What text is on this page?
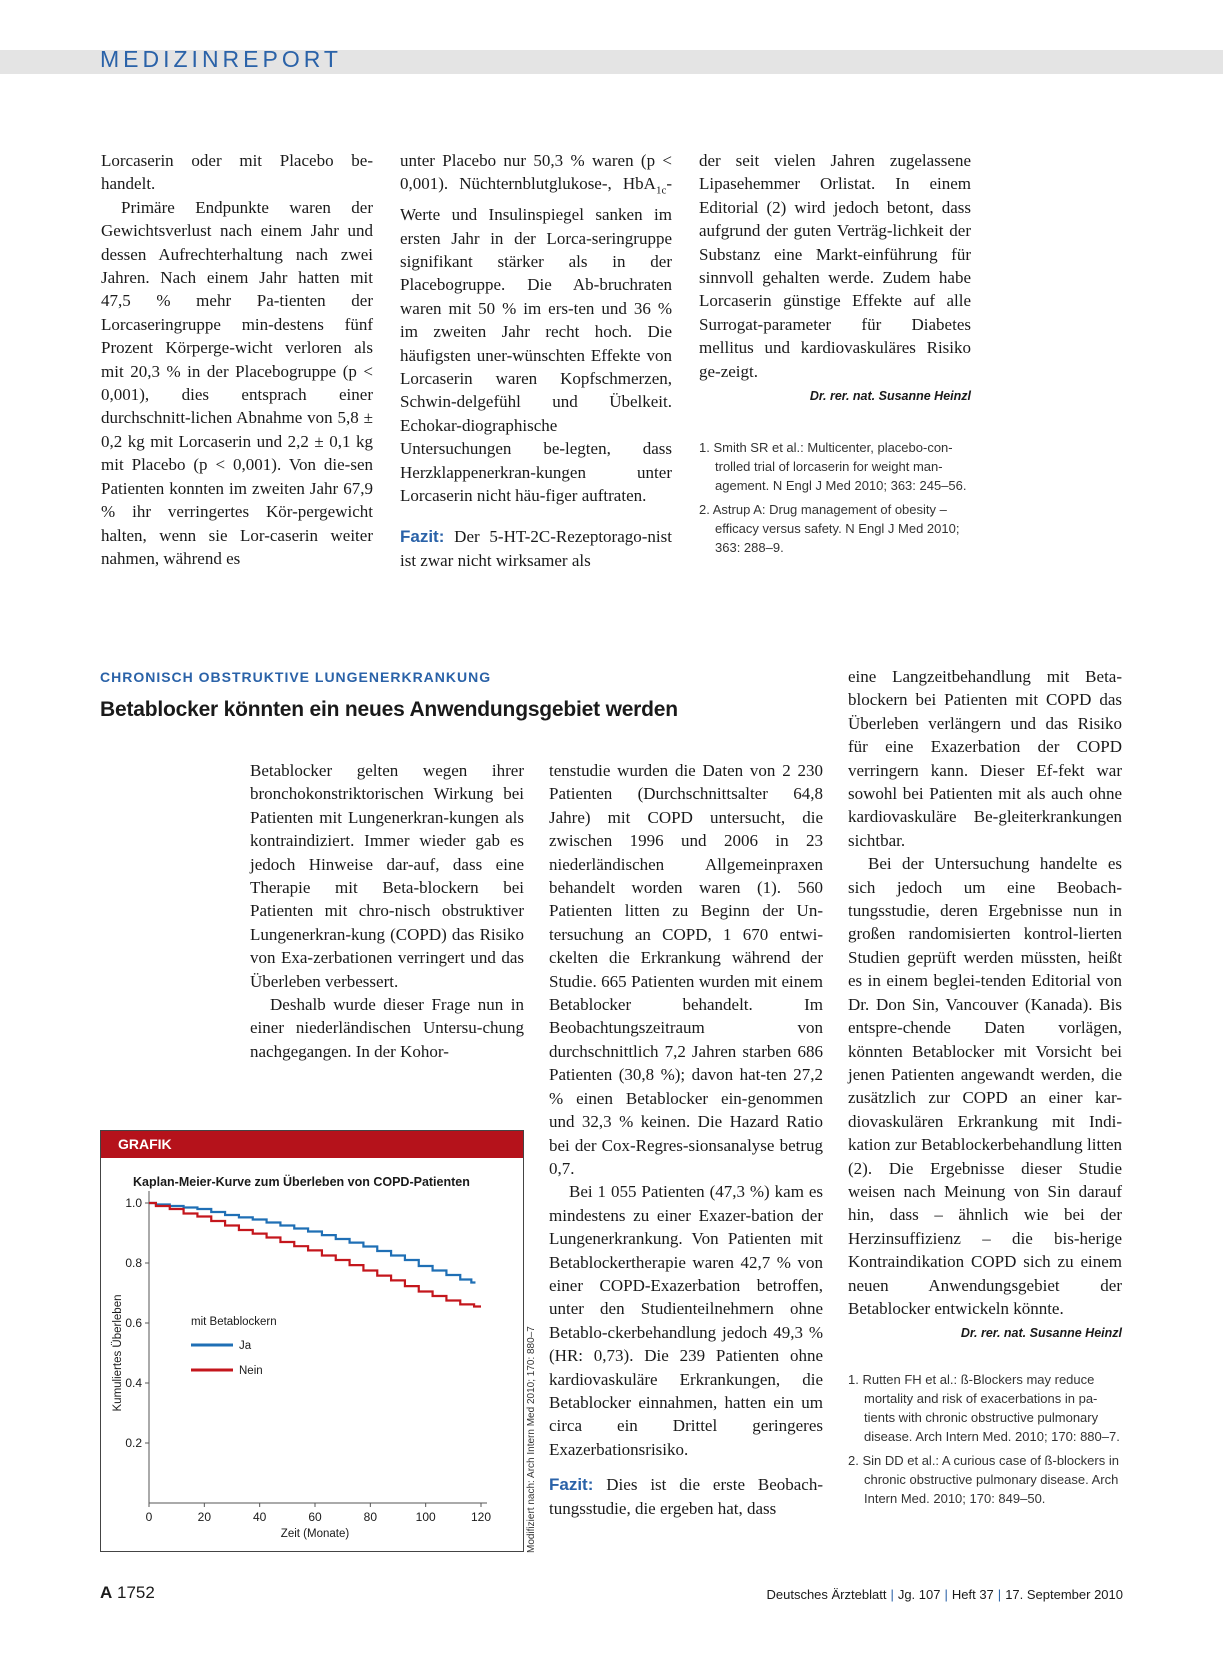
MEDIZINREPORT

Lorcaserin oder mit Placebo be-handelt.

Primäre Endpunkte waren der Gewichtsverlust nach einem Jahr und dessen Aufrechterhaltung nach zwei Jahren. Nach einem Jahr hatten mit 47,5 % mehr Pa-tienten der Lorcaseringruppe min-destens fünf Prozent Körperge-wicht verloren als mit 20,3 % in der Placebogruppe (p < 0,001), dies entsprach einer durchschnitt-lichen Abnahme von 5,8 ± 0,2 kg mit Lorcaserin und 2,2 ± 0,1 kg mit Placebo (p < 0,001). Von die-sen Patienten konnten im zweiten Jahr 67,9 % ihr verringertes Kör-pergewicht halten, wenn sie Lor-caserin weiter nahmen, während es

unter Placebo nur 50,3 % waren (p < 0,001). Nüchternblutglukose-, HbA$_{1c}$-Werte und Insulinspiegel sanken im ersten Jahr in der Lorca-seringruppe signifikant stärker als in der Placebogruppe. Die Ab-bruchraten waren mit 50 % im ers-ten und 36 % im zweiten Jahr recht hoch. Die häufigsten uner-wünschten Effekte von Lorcaserin waren Kopfschmerzen, Schwin-delgefühl und Übelkeit. Echokar-diographische Untersuchungen be-legten, dass Herzklappenerkran-kungen unter Lorcaserin nicht häu-figer auftraten.

Fazit: Der 5-HT-2C-Rezeptorago-nist ist zwar nicht wirksamer als

der seit vielen Jahren zugelassene Lipasehemmer Orlistat. In einem Editorial (2) wird jedoch betont, dass aufgrund der guten Verträg-lichkeit der Substanz eine Markt-einführung für sinnvoll gehalten werde. Zudem habe Lorcaserin günstige Effekte auf alle Surrogat-parameter für Diabetes mellitus und kardiovaskuläres Risiko ge-zeigt.

Dr. rer. nat. Susanne Heinzl
1. Smith SR et al.: Multicenter, placebo-con-trolled trial of lorcaserin for weight man-agement. N Engl J Med 2010; 363: 245–56.
2. Astrup A: Drug management of obesity – efficacy versus safety. N Engl J Med 2010; 363: 288–9.
CHRONISCH OBSTRUKTIVE LUNGENERKRANKUNG
Betablocker könnten ein neues Anwendungsgebiet werden

Betablocker gelten wegen ihrer bronchokonstriktorischen Wirkung bei Patienten mit Lungenerkran-kungen als kontraindiziert. Immer wieder gab es jedoch Hinweise dar-auf, dass eine Therapie mit Beta-blockern bei Patienten mit chro-nisch obstruktiver Lungenerkran-kung (COPD) das Risiko von Exa-zerbationen verringert und das Überleben verbessert.

Deshalb wurde dieser Frage nun in einer niederländischen Untersu-chung nachgegangen. In der Kohor-

tenstudie wurden die Daten von 2 230 Patienten (Durchschnittsalter 64,8 Jahre) mit COPD untersucht, die zwischen 1996 und 2006 in 23 niederländischen Allgemeinpraxen behandelt worden waren (1). 560 Patienten litten zu Beginn der Un-tersuchung an COPD, 1 670 entwi-ckelten die Erkrankung während der Studie. 665 Patienten wurden mit einem Betablocker behandelt. Im Beobachtungszeitraum von durchschnittlich 7,2 Jahren starben 686 Patienten (30,8 %); davon hat-ten 27,2 % einen Betablocker ein-genommen und 32,3 % keinen. Die Hazard Ratio bei der Cox-Regres-sionsanalyse betrug 0,7.

Bei 1 055 Patienten (47,3 %) kam es mindestens zu einer Exazer-bation der Lungenerkrankung. Von Patienten mit Betablockertherapie waren 42,7 % von einer COPD-Exazerbation betroffen, unter den Studienteilnehmern ohne Betablo-ckerbehandlung jedoch 49,3 % (HR: 0,73). Die 239 Patienten ohne kardiovaskuläre Erkrankungen, die Betablocker einnahmen, hatten ein um circa ein Drittel geringeres Exazerbationsrisiko.

Fazit: Dies ist die erste Beobach-tungsstudie, die ergeben hat, dass

eine Langzeitbehandlung mit Beta-blockern bei Patienten mit COPD das Überleben verlängern und das Risiko für eine Exazerbation der COPD verringern kann. Dieser Ef-fekt war sowohl bei Patienten mit als auch ohne kardiovaskuläre Be-gleiterkrankungen sichtbar.

Bei der Untersuchung handelte es sich jedoch um eine Beobach-tungsstudie, deren Ergebnisse nun in großen randomisierten kontrol-lierten Studien geprüft werden müssten, heißt es in einem beglei-tenden Editorial von Dr. Don Sin, Vancouver (Kanada). Bis entspre-chende Daten vorlägen, könnten Betablocker mit Vorsicht bei jenen Patienten angewandt werden, die zusätzlich zur COPD an einer kar-diovaskulären Erkrankung mit Indi-kation zur Betablockerbehandlung litten (2). Die Ergebnisse dieser Studie weisen nach Meinung von Sin darauf hin, dass – ähnlich wie bei der Herzinsuffizienz – die bis-herige Kontraindikation COPD sich zu einem neuen Anwendungsgebiet der Betablocker entwickeln könnte.

Dr. rer. nat. Susanne Heinzl
1. Rutten FH et al.: ß-Blockers may reduce mortality and risk of exacerbations in pa-tients with chronic obstructive pulmonary disease. Arch Intern Med. 2010; 170: 880–7.
2. Sin DD et al.: A curious case of ß-blockers in chronic obstructive pulmonary disease. Arch Intern Med. 2010; 170: 849–50.
GRAFIK
Kaplan-Meier-Kurve zum Überleben von COPD-Patienten
Kumuliertes Überleben
Zeit (Monate)
mit Betablockern
Ja
Nein
0.2
0.4
0.6
0.8
1.0
0	20	40	60	80	100	120	Modifiziert nach: Arch Intern Med 2010; 170: 880–7
A 1752	Deutsches Ärzteblatt | Jg. 107 | Heft 37 | 17. September 2010
